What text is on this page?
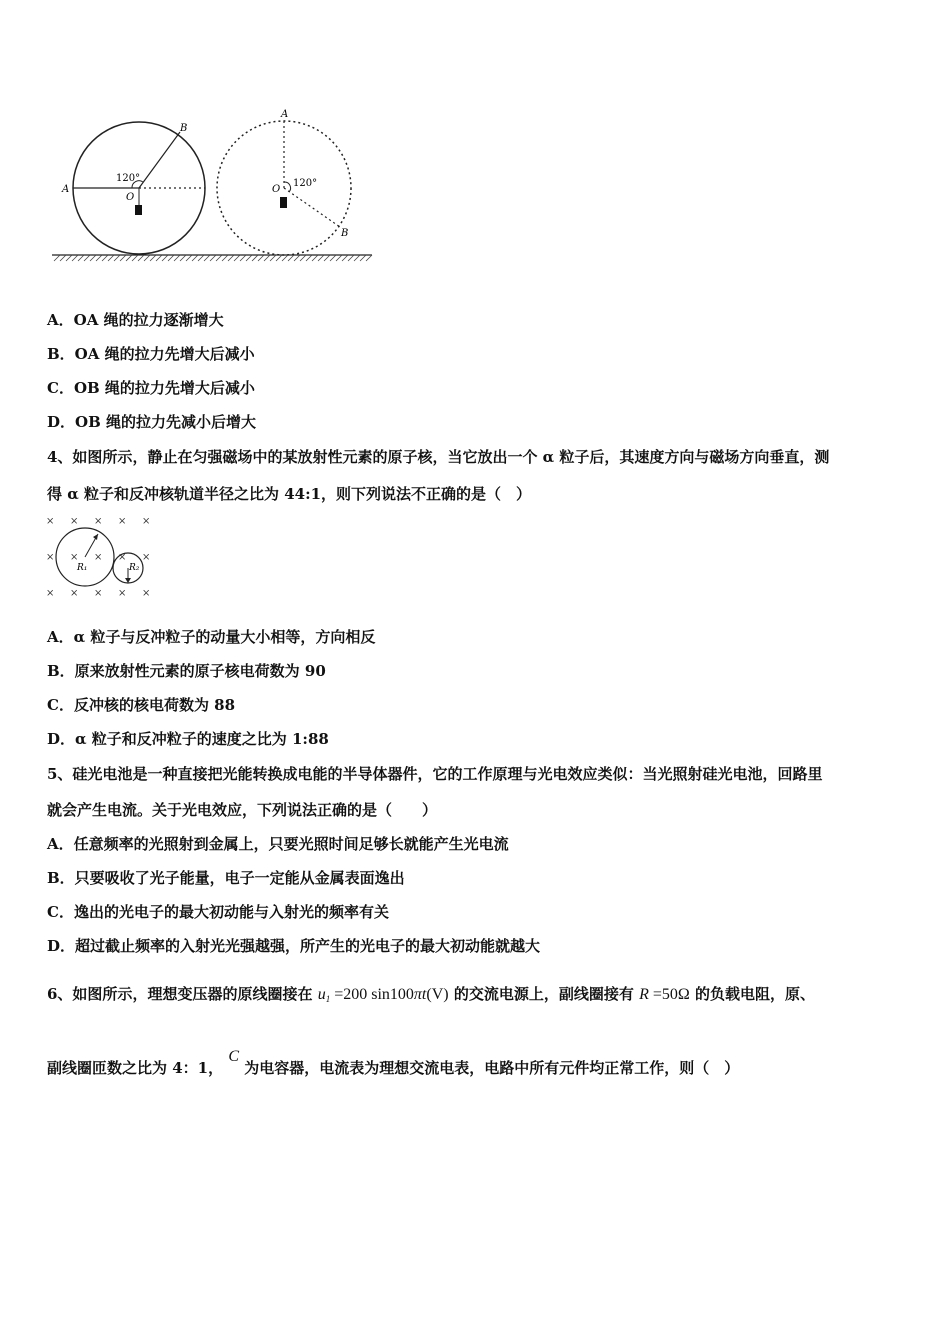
A
B
O
120°
A
B
O
120°
A．OA 绳的拉力逐渐增大
B．OA 绳的拉力先增大后减小
C．OB 绳的拉力先增大后减小
D．OB 绳的拉力先减小后增大
4、如图所示，静止在匀强磁场中的某放射性元素的原子核，当它放出一个 α 粒子后，其速度方向与磁场方向垂直，测
得 α 粒子和反冲核轨道半径之比为 44:1，则下列说法不正确的是（　）
× × × × ×
× × × × ×
× × × × ×
R₁	R₂
A．α 粒子与反冲粒子的动量大小相等，方向相反
B．原来放射性元素的原子核电荷数为 90
C．反冲核的核电荷数为 88
D．α 粒子和反冲粒子的速度之比为 1:88
5、硅光电池是一种直接把光能转换成电能的半导体器件，它的工作原理与光电效应类似：当光照射硅光电池，回路里
就会产生电流。关于光电效应，下列说法正确的是（　　）
A．任意频率的光照射到金属上，只要光照时间足够长就能产生光电流
B．只要吸收了光子能量，电子一定能从金属表面逸出
C．逸出的光电子的最大初动能与入射光的频率有关
D．超过截止频率的入射光光强越强，所产生的光电子的最大初动能就越大
6、如图所示，理想变压器的原线圈接在 $u_1 =200$ sin100πt(V) 的交流电源上，副线圈接有 R =50Ω 的负载电阻，原、
副线圈匝数之比为 4：1， C 为电容器，电流表为理想交流电表，电路中所有元件均正常工作，则（　）
